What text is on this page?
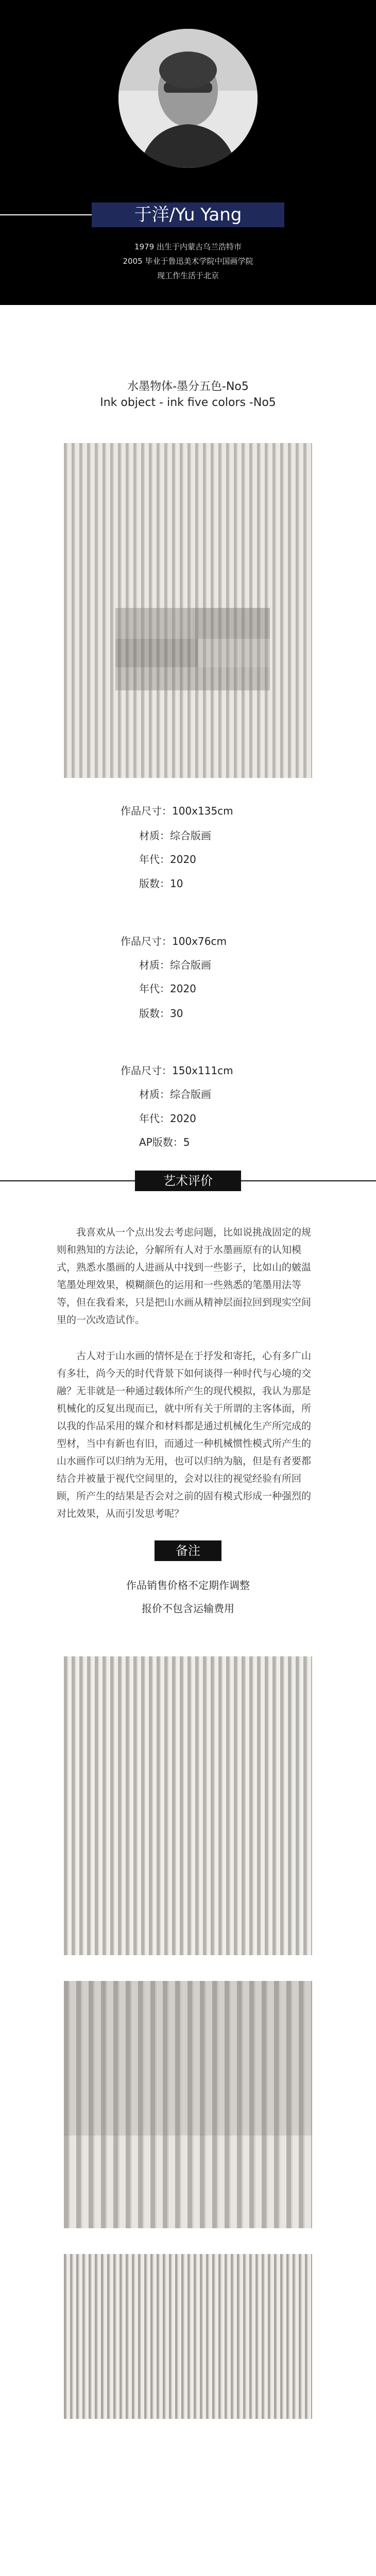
于洋/Yu Yang
1979 出生于内蒙古乌兰浩特市
2005 毕业于鲁迅美术学院中国画学院
现工作生活于北京
水墨物体-墨分五色-No5
Ink object - ink five colors -No5
作品尺寸：100x135cm
材质：综合版画
年代：2020
版数：10
作品尺寸：100x76cm
材质：综合版画
年代：2020
版数：30
作品尺寸：150x111cm
材质：综合版画
年代：2020
AP版数：5
艺术评价
我喜欢从一个点出发去考虑问题，比如说挑战固定的规则和熟知的方法论，分解所有人对于水墨画原有的认知模式，熟悉水墨画的人进画从中找到一些影子，比如山的皴温笔墨处理效果，模糊颜色的运用和一些熟悉的笔墨用法等等，但在我看来，只是把山水画从精神层面拉回到现实空间里的一次改造试作。
古人对于山水画的情怀是在于抒发和寄托，心有多广山有多壮，尚今天的时代背景下如何谈得一种时代与心境的交融？无非就是一种通过载体所产生的现代模拟，我认为那是机械化的反复出现而已，就中所有关于所谓的主客体面，所以我的作品采用的媒介和材料都是通过机械化生产所完成的型材，当中有新也有旧，而通过一种机械惯性模式所产生的山水画作可以归纳为无用，也可以归纳为脑，但是有者要都结合并被量于视代空间里的，会对以往的视觉经验有所回顾，所产生的结果是否会对之前的固有模式形成一种强烈的对比效果，从而引发思考呢？
备注
作品销售价格不定期作调整
报价不包含运输费用
